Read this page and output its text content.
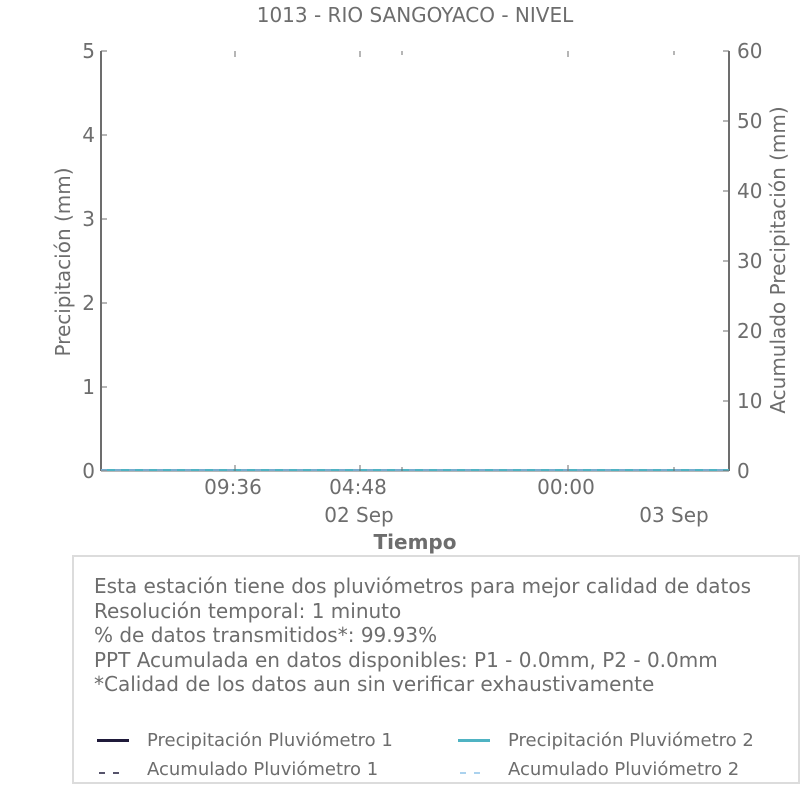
1013 - RIO SANGOYACO - NIVEL
0
1
2
3
4
5
0
10
20
30
40
50
60
09:36	04:48	00:00
02 Sep	03 Sep
Precipitación (mm)	Acumulado Precipitación (mm)
Tiempo
Esta estación tiene dos pluviómetros para mejor calidad de datos
Resolución temporal: 1 minuto
% de datos transmitidos*: 99.93%
PPT Acumulada en datos disponibles: P1 - 0.0mm, P2 - 0.0mm
*Calidad de los datos aun sin verificar exhaustivamente
Precipitación Pluviómetro 1	Precipitación Pluviómetro 2
Acumulado Pluviómetro 1	Acumulado Pluviómetro 2
